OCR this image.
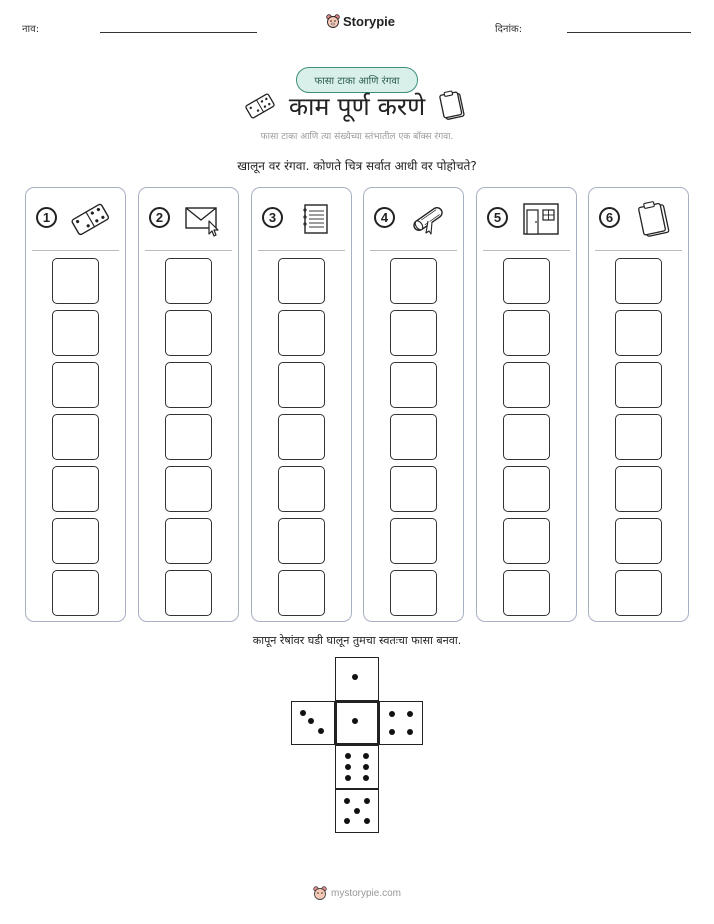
नाव:
Storypie
दिनांक:
फासा टाका आणि रंगवा
काम पूर्ण करणे
फासा टाका आणि त्या संख्येच्या स्तंभातील एक बॉक्स रंगवा.
खालून वर रंगवा. कोणते चित्र सर्वात आधी वर पोहोचते?
1	2	3	4	5	6
कापून रेषांवर घडी घालून तुमचा स्वतःचा फासा बनवा.
mystorypie.com
